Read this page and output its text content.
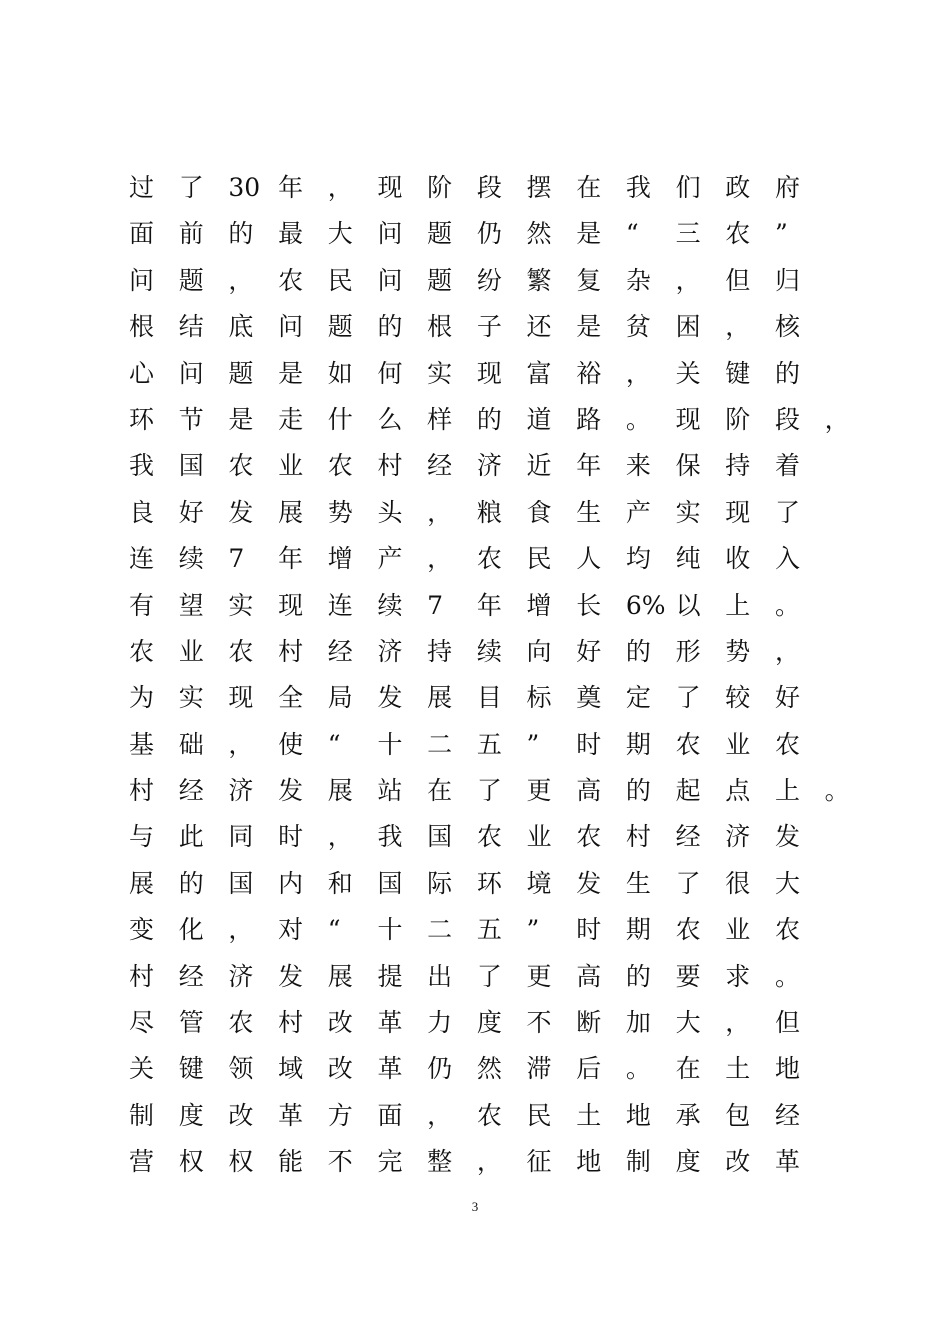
过 了 30 年 ， 现 阶 段 摆 在 我 们 政 府
面 前 的 最 大 问 题 仍 然 是 “ 三 农 ”
问 题 ， 农 民 问 题 纷 繁 复 杂 ， 但 归
根 结 底 问 题 的 根 子 还 是 贫 困 ， 核
心 问 题 是 如 何 实 现 富 裕 ， 关 键 的
环 节 是 走 什 么 样 的 道 路 。 现 阶 段 ，
我 国 农 业 农 村 经 济 近 年 来 保 持 着
良 好 发 展 势 头 ， 粮 食 生 产 实 现 了
连 续 7 年 增 产 ， 农 民 人 均 纯 收 入
有 望 实 现 连 续 7 年 增 长 6% 以 上 。
农 业 农 村 经 济 持 续 向 好 的 形 势 ，
为 实 现 全 局 发 展 目 标 奠 定 了 较 好
基 础 ， 使 “ 十 二 五 ” 时 期 农 业 农
村 经 济 发 展 站 在 了 更 高 的 起 点 上 。
与 此 同 时 ， 我 国 农 业 农 村 经 济 发
展 的 国 内 和 国 际 环 境 发 生 了 很 大
变 化 ， 对 “ 十 二 五 ” 时 期 农 业 农
村 经 济 发 展 提 出 了 更 高 的 要 求 。
尽 管 农 村 改 革 力 度 不 断 加 大 ， 但
关 键 领 域 改 革 仍 然 滞 后 。 在 土 地
制 度 改 革 方 面 ， 农 民 土 地 承 包 经
营 权 权 能 不 完 整 ， 征 地 制 度 改 革
3
